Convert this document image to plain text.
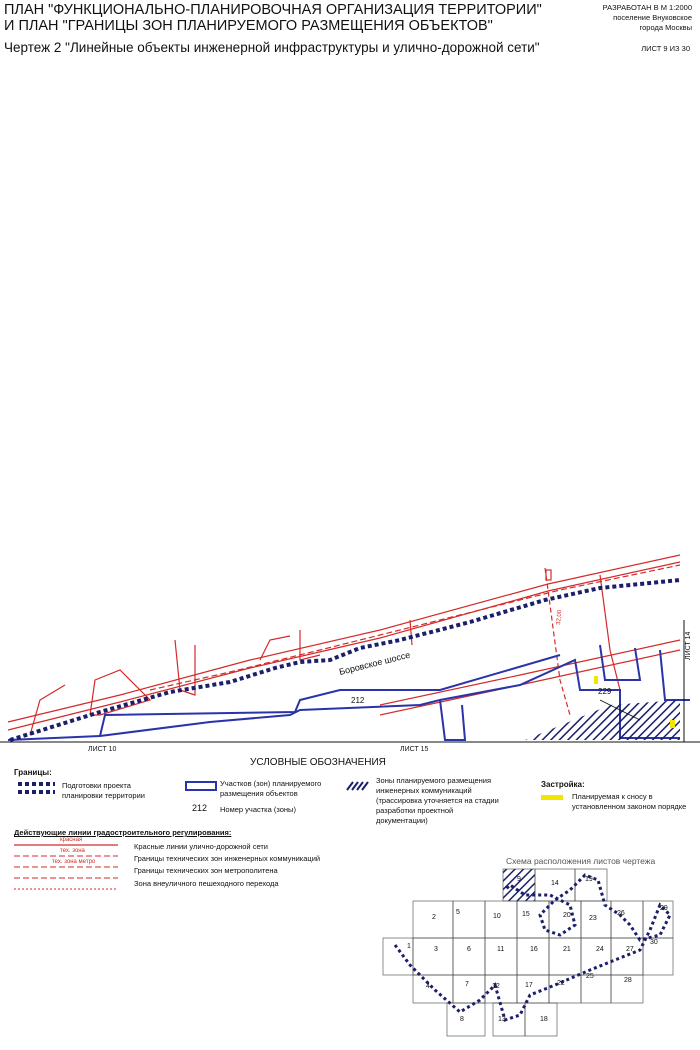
ПЛАН "ФУНКЦИОНАЛЬНО-ПЛАНИРОВОЧНАЯ ОРГАНИЗАЦИЯ ТЕРРИТОРИИ"
И ПЛАН "ГРАНИЦЫ ЗОН ПЛАНИРУЕМОГО РАЗМЕЩЕНИЯ ОБЪЕКТОВ"
Чертеж 2 "Линейные объекты инженерной инфраструктуры и улично-дорожной сети"
РАЗРАБОТАН В М 1:2000
поселение Внуковское
города Москвы
ЛИСТ 9 ИЗ 30
Боровское шоссе
212
229
ЛИСТ 10	ЛИСТ 15
ЛИСТ 14
32,00
УСЛОВНЫЕ ОБОЗНАЧЕНИЯ
Границы:
Подготовки проекта планировки территории
Участков (зон) планируемого размещения объектов
212 Номер участка (зоны)
Зоны планируемого размещения инженерных коммуникаций (трассировка уточняется на стадии разработки проектной документации)
Застройка:
Планируемая к сносу в установленном законом порядке
Действующие линии градостроительного регулирования:
красная
тех. зона
тех. зона метро
Красные линии улично-дорожной сети
Границы технических зон инженерных коммуникаций
Границы технических зон метрополитена
Зона внеуличного пешеходного перехода
Схема расположения листов чертежа
1
2
3
4
5
6
7
8
9
10
11
12
13
14
15
16
17
18
19
20
21
22
23
24
25
26
27
28
29
30
